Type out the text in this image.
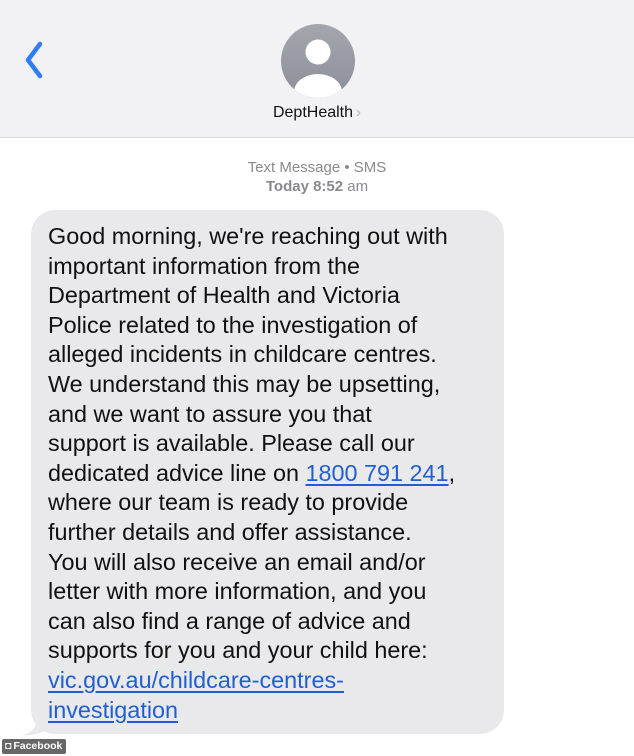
DeptHealth ›
Text Message • SMS
Today 8:52 am
Good morning, we're reaching out with
important information from the
Department of Health and Victoria
Police related to the investigation of
alleged incidents in childcare centres.
We understand this may be upsetting,
and we want to assure you that
support is available. Please call our
dedicated advice line on 1800 791 241,
where our team is ready to provide
further details and offer assistance.
You will also receive an email and/or
letter with more information, and you
can also find a range of advice and
supports for you and your child here:
vic.gov.au/childcare-centres-
investigation
◘ Facebook
